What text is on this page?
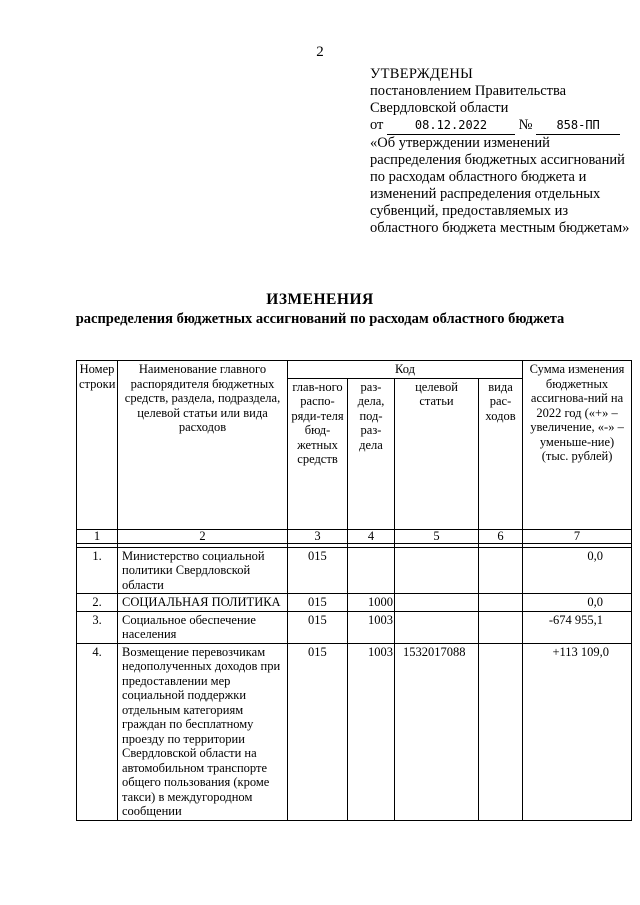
2
УТВЕРЖДЕНЫ
постановлением Правительства
Свердловской области
от	08.12.2022 № 858-ПП
«Об утверждении изменений распределения бюджетных ассигнований по расходам областного бюджета и изменений распределения отдельных субвенций, предоставляемых из областного бюджета местным бюджетам»
ИЗМЕНЕНИЯ
распределения бюджетных ассигнований по расходам областного бюджета
Номер строки	Наименование главного распорядителя бюджетных средств, раздела, подраздела, целевой статьи или вида расходов	Код				Сумма изменения бюджетных ассигнова-ний на 2022 год («+» – увеличение, «-» – уменьше-ние) (тыс. рублей)
		глав-ного распо-ряди-теля бюд-жетных средств	раз-дела, под-раз-дела	целевой статьи	вида рас-ходов	
1	2	3	4	5	6	7

1.	Министерство социальной политики Свердловской области	015				0,0
2.	СОЦИАЛЬНАЯ ПОЛИТИКА	015	1000			0,0
3.	Социальное обеспечение населения	015	1003			-674 955,1
4.	Возмещение перевозчикам недополученных доходов при предоставлении мер социальной поддержки отдельным категориям граждан по бесплатному проезду по территории Свердловской области на автомобильном транспорте общего пользования (кроме такси) в междугородном сообщении	015	1003	1532017088		+113 109,0
